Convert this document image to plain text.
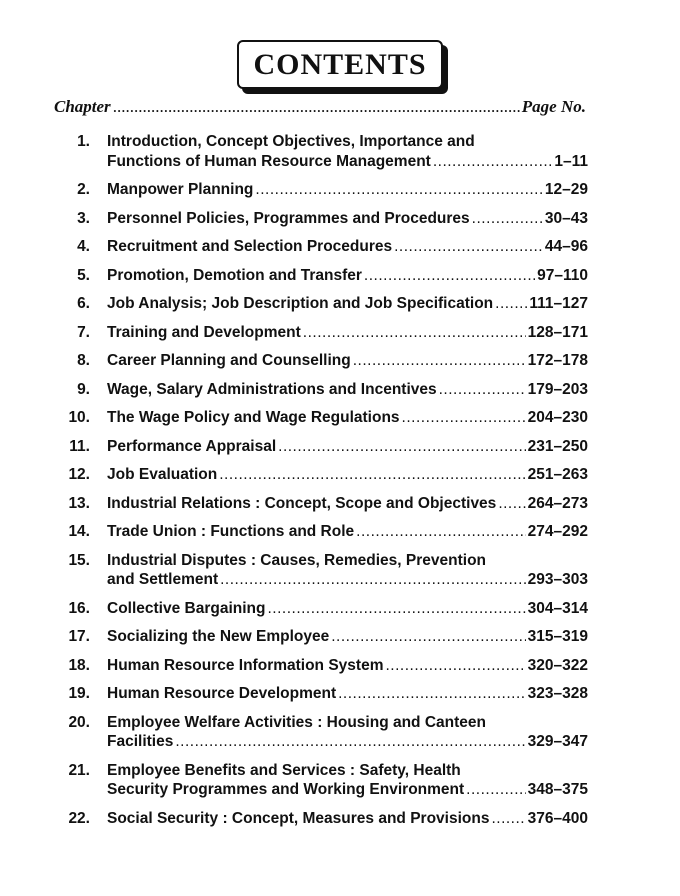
CONTENTS
Chapter .....	Page No.
1. Introduction, Concept Objectives, Importance and
Functions of Human Resource Management .....	1–11
2. Manpower Planning .....	12–29
3. Personnel Policies, Programmes and Procedures .....	30–43
4. Recruitment and Selection Procedures .....	44–96
5. Promotion, Demotion and Transfer .....	97–110
6. Job Analysis; Job Description and Job Specification ..... 111–127
7. Training and Development .....	128–171
8. Career Planning and Counselling .....	172–178
9. Wage, Salary Administrations and Incentives .....	179–203
10. The Wage Policy and Wage Regulations .....	204–230
11. Performance Appraisal .....	231–250
12. Job Evaluation .....	251–263
13. Industrial Relations : Concept, Scope and Objectives ..... 264–273
14. Trade Union : Functions and Role .....	274–292
15. Industrial Disputes : Causes, Remedies, Prevention
and Settlement .....	293–303
16. Collective Bargaining .....	304–314
17. Socializing the New Employee .....	315–319
18. Human Resource Information System .....	320–322
19. Human Resource Development .....	323–328
20. Employee Welfare Activities : Housing and Canteen
Facilities .....	329–347
21. Employee Benefits and Services : Safety, Health
Security Programmes and Working Environment .....	348–375
22. Social Security : Concept, Measures and Provisions ..... 376–400
